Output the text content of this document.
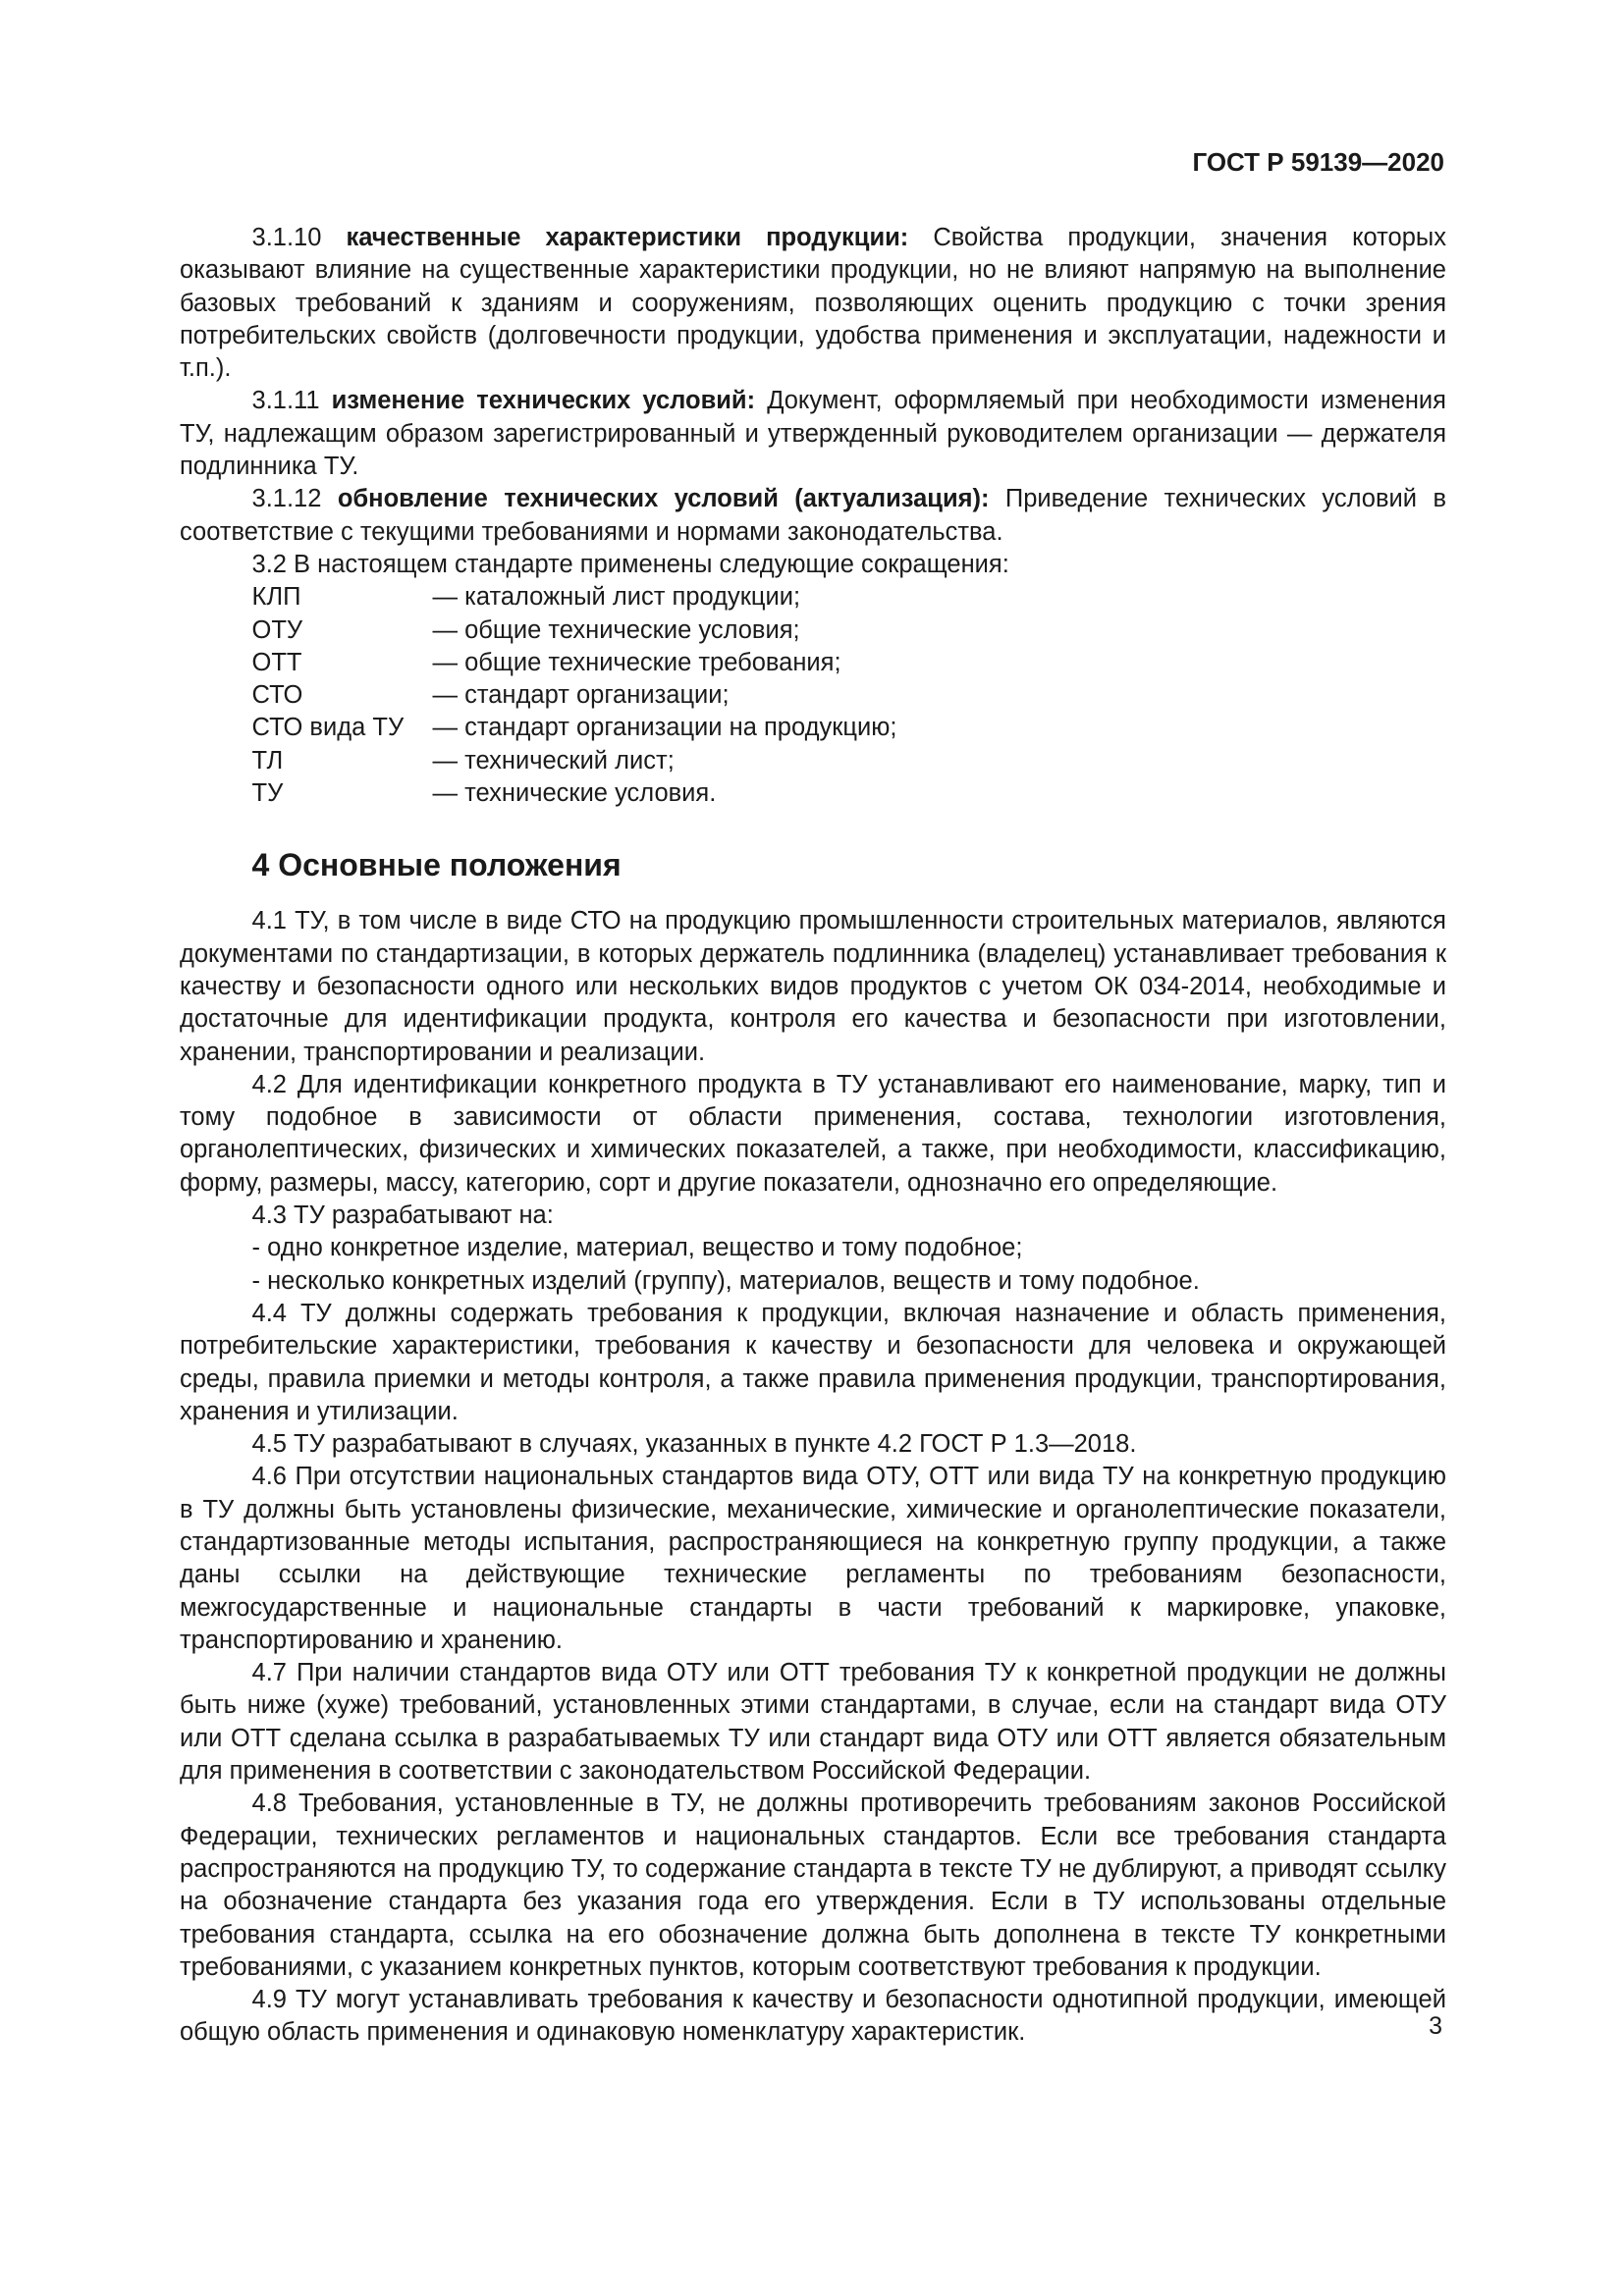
ГОСТ Р 59139—2020

3.1.10 качественные характеристики продукции: Свойства продукции, значения которых оказывают влияние на существенные характеристики продукции, но не влияют напрямую на выполнение базовых требований к зданиям и сооружениям, позволяющих оценить продукцию с точки зрения потребительских свойств (долговечности продукции, удобства применения и эксплуатации, надежности и т.п.).

3.1.11 изменение технических условий: Документ, оформляемый при необходимости изменения ТУ, надлежащим образом зарегистрированный и утвержденный руководителем организации — держателя подлинника ТУ.

3.1.12 обновление технических условий (актуализация): Приведение технических условий в соответствие с текущими требованиями и нормами законодательства.

3.2 В настоящем стандарте применены следующие сокращения:

КЛП	— каталожный лист продукции;
ОТУ	— общие технические условия;
ОТТ	— общие технические требования;
СТО	— стандарт организации;
СТО вида ТУ	— стандарт организации на продукцию;
ТЛ	— технический лист;
ТУ	— технические условия.
4 Основные положения

4.1 ТУ, в том числе в виде СТО на продукцию промышленности строительных материалов, являются документами по стандартизации, в которых держатель подлинника (владелец) устанавливает требования к качеству и безопасности одного или нескольких видов продуктов с учетом ОК 034-2014, необходимые и достаточные для идентификации продукта, контроля его качества и безопасности при изготовлении, хранении, транспортировании и реализации.

4.2 Для идентификации конкретного продукта в ТУ устанавливают его наименование, марку, тип и тому подобное в зависимости от области применения, состава, технологии изготовления, органолептических, физических и химических показателей, а также, при необходимости, классификацию, форму, размеры, массу, категорию, сорт и другие показатели, однозначно его определяющие.

4.3 ТУ разрабатывают на:

- одно конкретное изделие, материал, вещество и тому подобное;
- несколько конкретных изделий (группу), материалов, веществ и тому подобное.

4.4 ТУ должны содержать требования к продукции, включая назначение и область применения, потребительские характеристики, требования к качеству и безопасности для человека и окружающей среды, правила приемки и методы контроля, а также правила применения продукции, транспортирования, хранения и утилизации.

4.5 ТУ разрабатывают в случаях, указанных в пункте 4.2 ГОСТ Р 1.3—2018.

4.6 При отсутствии национальных стандартов вида ОТУ, ОТТ или вида ТУ на конкретную продукцию в ТУ должны быть установлены физические, механические, химические и органолептические показатели, стандартизованные методы испытания, распространяющиеся на конкретную группу продукции, а также даны ссылки на действующие технические регламенты по требованиям безопасности, межгосударственные и национальные стандарты в части требований к маркировке, упаковке, транспортированию и хранению.

4.7 При наличии стандартов вида ОТУ или ОТТ требования ТУ к конкретной продукции не должны быть ниже (хуже) требований, установленных этими стандартами, в случае, если на стандарт вида ОТУ или ОТТ сделана ссылка в разрабатываемых ТУ или стандарт вида ОТУ или ОТТ является обязательным для применения в соответствии с законодательством Российской Федерации.

4.8 Требования, установленные в ТУ, не должны противоречить требованиям законов Российской Федерации, технических регламентов и национальных стандартов. Если все требования стандарта распространяются на продукцию ТУ, то содержание стандарта в тексте ТУ не дублируют, а приводят ссылку на обозначение стандарта без указания года его утверждения. Если в ТУ использованы отдельные требования стандарта, ссылка на его обозначение должна быть дополнена в тексте ТУ конкретными требованиями, с указанием конкретных пунктов, которым соответствуют требования к продукции.

4.9 ТУ могут устанавливать требования к качеству и безопасности однотипной продукции, имеющей общую область применения и одинаковую номенклатуру характеристик.	3
